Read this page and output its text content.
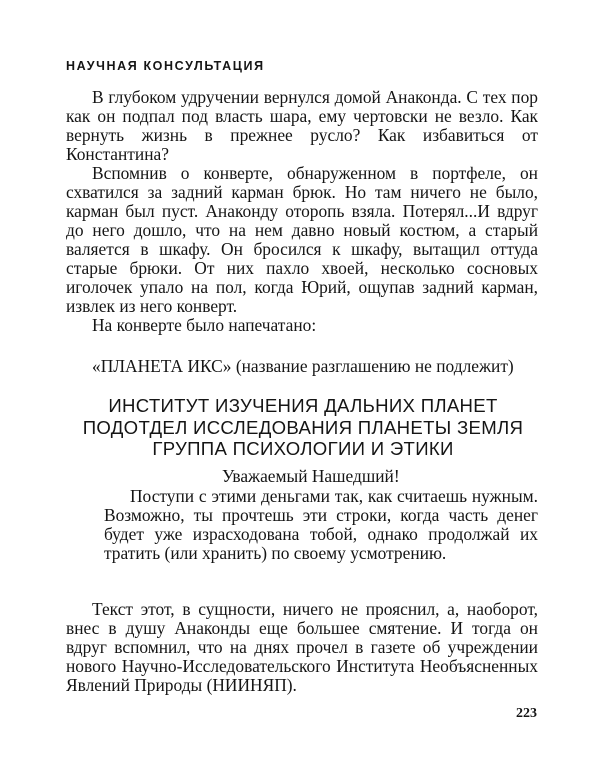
НАУЧНАЯ КОНСУЛЬТАЦИЯ

В глубоком удручении вернулся домой Анаконда. С тех пор как он подпал под власть шара, ему чертовски не везло. Как вернуть жизнь в прежнее русло? Как избавиться от Константина?

Вспомнив о конверте, обнаруженном в портфеле, он схватился за задний карман брюк. Но там ничего не было, карман был пуст. Анаконду оторопь взяла. Потерял...И вдруг до него дошло, что на нем давно новый костюм, а старый валяется в шкафу. Он бросился к шкафу, вытащил оттуда старые брюки. От них пахло хвоей, несколько сосновых иголочек упало на пол, когда Юрий, ощупав задний карман, извлек из него конверт.

На конверте было напечатано:

«ПЛАНЕТА ИКС» (название разглашению не подлежит)

ИНСТИТУТ ИЗУЧЕНИЯ ДАЛЬНИХ ПЛАНЕТ
ПОДОТДЕЛ ИССЛЕДОВАНИЯ ПЛАНЕТЫ ЗЕМЛЯ
ГРУППА ПСИХОЛОГИИ И ЭТИКИ
Уважаемый Нашедший!

Поступи с этими деньгами так, как считаешь нужным. Возможно, ты прочтешь эти строки, когда часть денег будет уже израсходована тобой, однако продолжай их тратить (или хранить) по своему усмотрению.

Текст этот, в сущности, ничего не прояснил, а, наоборот, внес в душу Анаконды еще большее смятение. И тогда он вдруг вспомнил, что на днях прочел в газете об учреждении нового Научно-Исследовательского Института Необъясненных Явлений Природы (НИИНЯП).

223
